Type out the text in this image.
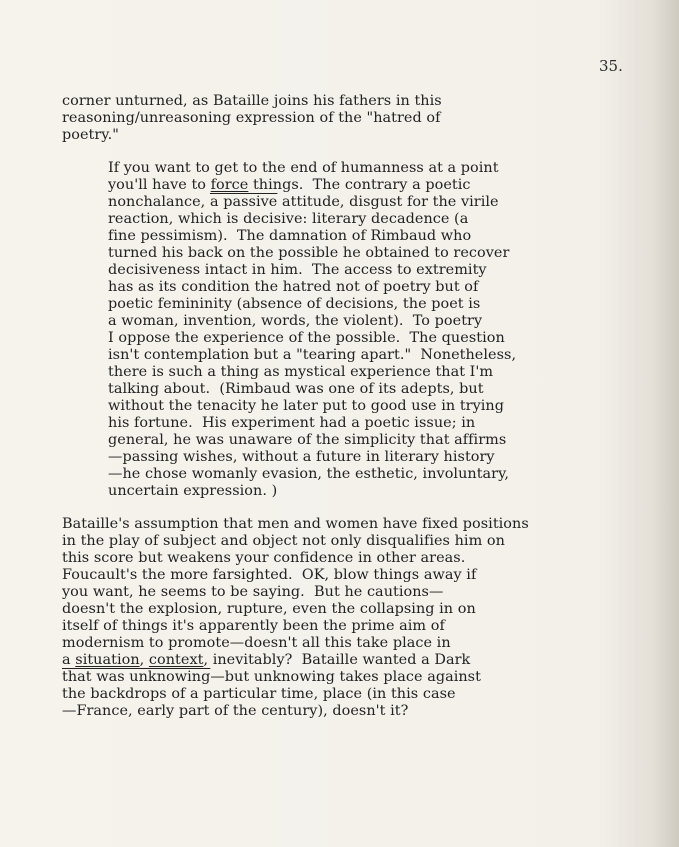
35.
corner unturned, as Bataille joins his fathers in this
reasoning/unreasoning expression of the "hatred of
poetry."
If you want to get to the end of humanness at a point
you'll have to force things.  The contrary a poetic
nonchalance, a passive attitude, disgust for the virile
reaction, which is decisive: literary decadence (a
fine pessimism).  The damnation of Rimbaud who
turned his back on the possible he obtained to recover
decisiveness intact in him.  The access to extremity
has as its condition the hatred not of poetry but of
poetic femininity (absence of decisions, the poet is
a woman, invention, words, the violent).  To poetry
I oppose the experience of the possible.  The question
isn't contemplation but a "tearing apart."  Nonetheless,
there is such a thing as mystical experience that I'm
talking about.  (Rimbaud was one of its adepts, but
without the tenacity he later put to good use in trying
his fortune.  His experiment had a poetic issue; in
general, he was unaware of the simplicity that affirms
—passing wishes, without a future in literary history
—he chose womanly evasion, the esthetic, involuntary,
uncertain expression. )
Bataille's assumption that men and women have fixed positions
in the play of subject and object not only disqualifies him on
this score but weakens your confidence in other areas.
Foucault's the more farsighted.  OK, blow things away if
you want, he seems to be saying.  But he cautions—
doesn't the explosion, rupture, even the collapsing in on
itself of things it's apparently been the prime aim of
modernism to promote—doesn't all this take place in
a situation, context, inevitably?  Bataille wanted a Dark
that was unknowing—but unknowing takes place against
the backdrops of a particular time, place (in this case
—France, early part of the century), doesn't it?
